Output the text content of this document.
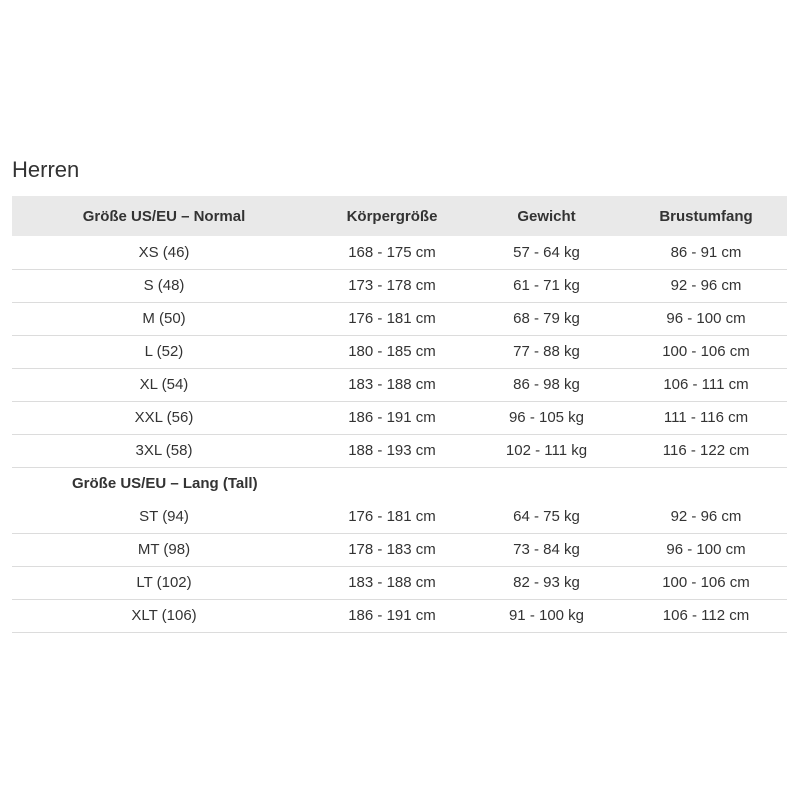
Herren
Größe US/EU – Normal	Körpergröße	Gewicht	Brustumfang
XS (46)	168 - 175 cm	57 - 64 kg	86 - 91 cm
S (48)	173 - 178 cm	61 - 71 kg	92 - 96 cm
M (50)	176 - 181 cm	68 - 79 kg	96 - 100 cm
L (52)	180 - 185 cm	77 - 88 kg	100 - 106 cm
XL (54)	183 - 188 cm	86 - 98 kg	106 - 111 cm
XXL (56)	186 - 191 cm	96 - 105 kg	111 - 116 cm
3XL (58)	188 - 193 cm	102 - 111 kg	116 - 122 cm
Größe US/EU – Lang (Tall)			
ST (94)	176 - 181 cm	64 - 75 kg	92 - 96 cm
MT (98)	178 - 183 cm	73 - 84 kg	96 - 100 cm
LT (102)	183 - 188 cm	82 - 93 kg	100 - 106 cm
XLT (106)	186 - 191 cm	91 - 100 kg	106 - 112 cm
